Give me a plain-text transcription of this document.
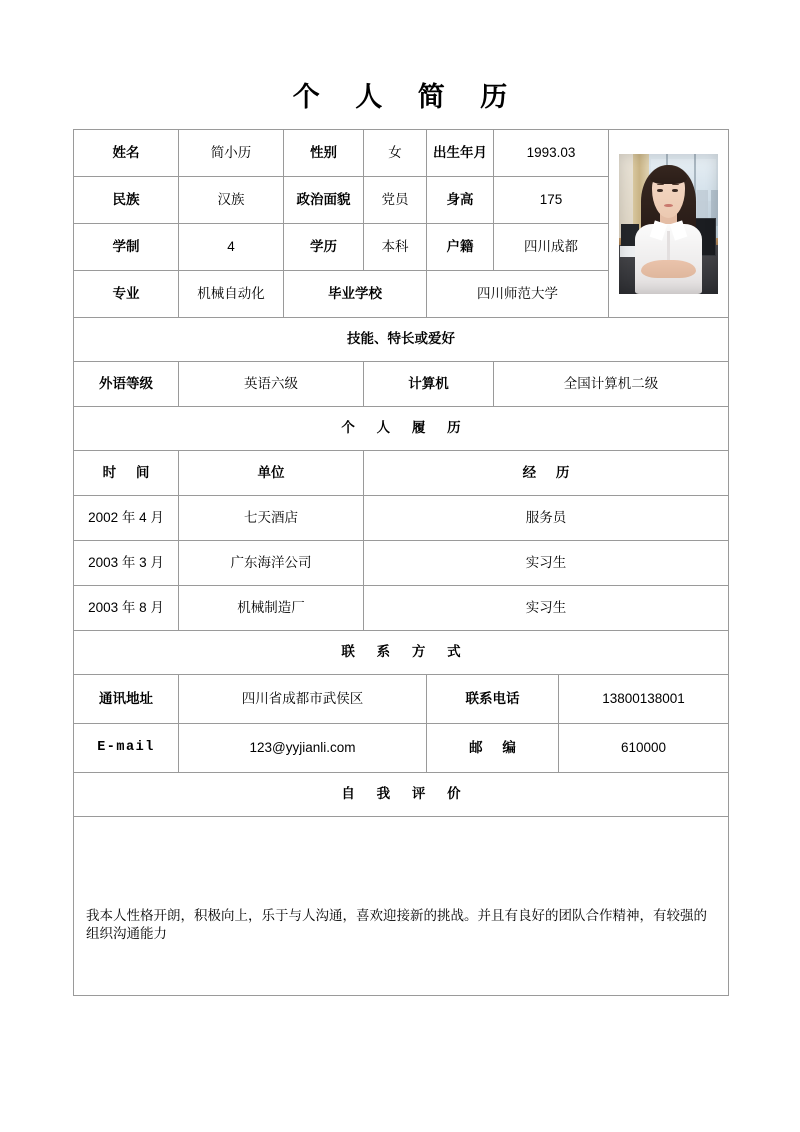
个 人 简 历
姓名	简小历	性别	女	出生年月	1993.03		

民族	汉族	政治面貌	党员	身高	175		
学制	4	学历	本科	户籍	四川成都		
专业	机械自动化	毕业学校		四川师范大学			
技能、特长或爱好							
外语等级	英语六级		计算机		全国计算机二级		
个 人 履 历							
时 间	单位		经 历				
2002 年 4 月	七天酒店		服务员				
2003 年 3 月	广东海洋公司		实习生				
2003 年 8 月	机械制造厂		实习生				
联 系 方 式							
通讯地址	四川省成都市武侯区			联系电话		13800138001	
E-mail	123@yyjianli.com			邮 编		610000	
自 我 评 价							
我本人性格开朗，积极向上，乐于与人沟通，喜欢迎接新的挑战。并且有良好的团队合作精神，有较强的组织沟通能力							
